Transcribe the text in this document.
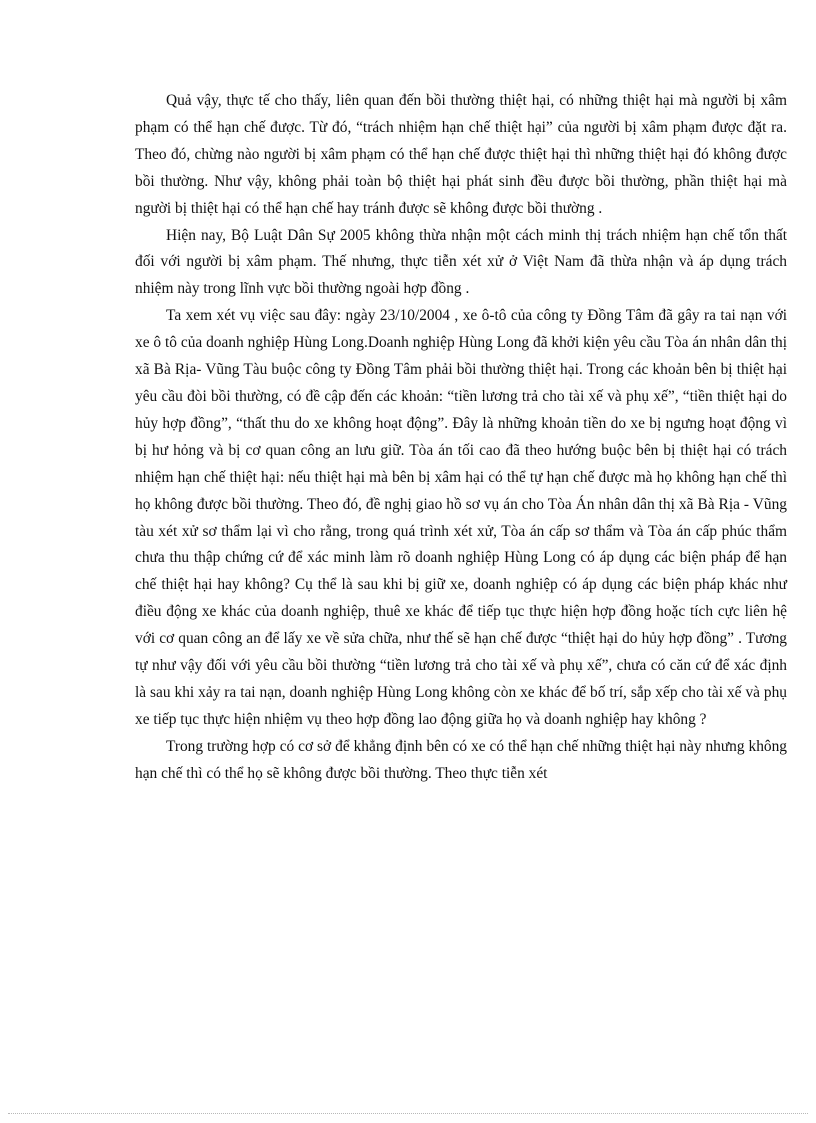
Quả vậy, thực tế cho thấy, liên quan đến bồi thường thiệt hại, có những thiệt hại mà người bị xâm phạm có thể hạn chế được. Từ đó, “trách nhiệm hạn chế thiệt hại” của người bị xâm phạm được đặt ra. Theo đó, chừng nào người bị xâm phạm có thể hạn chế được thiệt hại thì những thiệt hại đó không được bồi thường. Như vậy, không phải toàn bộ thiệt hại phát sinh đều được bồi thường, phần thiệt hại mà người bị thiệt hại có thể hạn chế hay tránh được sẽ không được bồi thường .

Hiện nay, Bộ Luật Dân Sự 2005 không thừa nhận một cách minh thị trách nhiệm hạn chế tổn thất đối với người bị xâm phạm. Thế nhưng, thực tiễn xét xử ở Việt Nam đã thừa nhận và áp dụng trách nhiệm này trong lĩnh vực bồi thường ngoài hợp đồng .

Ta xem xét vụ việc sau đây: ngày 23/10/2004 , xe ô-tô của công ty Đồng Tâm đã gây ra tai nạn với xe ô tô của doanh nghiệp Hùng Long.Doanh nghiệp Hùng Long đã khởi kiện yêu cầu Tòa án nhân dân thị xã Bà Rịa- Vũng Tàu buộc công ty Đồng Tâm phải bồi thường thiệt hại. Trong các khoản bên bị thiệt hại yêu cầu đòi bồi thường, có đề cập đến các khoản: “tiền lương trả cho tài xế và phụ xế”, “tiền thiệt hại do hủy hợp đồng”, “thất thu do xe không hoạt động”. Đây là những khoản tiền do xe bị ngưng hoạt động vì bị hư hỏng và bị cơ quan công an lưu giữ. Tòa án tối cao đã theo hướng buộc bên bị thiệt hại có trách nhiệm hạn chế thiệt hại: nếu thiệt hại mà bên bị xâm hại có thể tự hạn chế được mà họ không hạn chế thì họ không được bồi thường. Theo đó, đề nghị giao hồ sơ vụ án cho Tòa Án nhân dân thị xã Bà Rịa - Vũng tàu xét xử sơ thẩm lại vì cho rằng, trong quá trình xét xử, Tòa án cấp sơ thẩm và Tòa án cấp phúc thẩm chưa thu thập chứng cứ để xác minh làm rõ doanh nghiệp Hùng Long có áp dụng các biện pháp để hạn chế thiệt hại hay không? Cụ thể là sau khi bị giữ xe, doanh nghiệp có áp dụng các biện pháp khác như điều động xe khác của doanh nghiệp, thuê xe khác để tiếp tục thực hiện hợp đồng hoặc tích cực liên hệ với cơ quan công an để lấy xe về sửa chữa, như thế sẽ hạn chế được “thiệt hại do hủy hợp đồng” . Tương tự như vậy đối với yêu cầu bồi thường “tiền lương trả cho tài xế và phụ xế”, chưa có căn cứ để xác định là sau khi xảy ra tai nạn, doanh nghiệp Hùng Long không còn xe khác để bố trí, sắp xếp cho tài xế và phụ xe tiếp tục thực hiện nhiệm vụ theo hợp đồng lao động giữa họ và doanh nghiệp hay không ?

Trong trường hợp có cơ sở để khẳng định bên có xe có thể hạn chế những thiệt hại này nhưng không hạn chế thì có thể họ sẽ không được bồi thường. Theo thực tiễn xét
